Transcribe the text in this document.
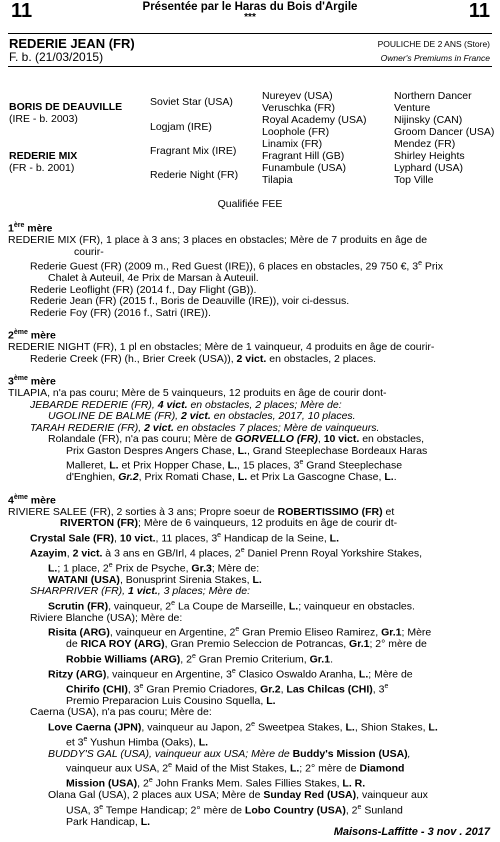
11	Présentée par le Haras du Bois d'Argile
***	11
REDERIE JEAN (FR)
F. b. (21/03/2015)
POULICHE DE 2 ANS (Store)
Owner's Premiums in France
BORIS DE DEAUVILLE
(IRE - b. 2003)
REDERIE MIX
(FR - b. 2001)
Soviet Star (USA)
Logjam (IRE)
Fragrant Mix (IRE)
Rederie Night (FR)
Nureyev (USA)
Veruschka (FR)
Royal Academy (USA)
Loophole (FR)
Linamix (FR)
Fragrant Hill (GB)
Funambule (USA)
Tilapia
Northern Dancer
Venture
Nijinsky (CAN)
Groom Dancer (USA)
Mendez (FR)
Shirley Heights
Lyphard (USA)
Top Ville
Qualifiée FEE

1ère mère

REDERIE MIX (FR), 1 place à 3 ans; 3 places en obstacles; Mère de 7 produits en âge de

courir-

Rederie Guest (FR) (2009 m., Red Guest (IRE)), 6 places en obstacles, 29 750 €, 3e Prix

Chalet à Auteuil, 4e Prix de Marsan à Auteuil.

Rederie Leoflight (FR) (2014 f., Day Flight (GB)).

Rederie Jean (FR) (2015 f., Boris de Deauville (IRE)), voir ci-dessus.

Rederie Foy (FR) (2016 f., Satri (IRE)).

2ème mère

REDERIE NIGHT (FR), 1 pl en obstacles; Mère de 1 vainqueur, 4 produits en âge de courir-

Rederie Creek (FR) (h., Brier Creek (USA)), 2 vict. en obstacles, 2 places.

3ème mère

TILAPIA, n'a pas couru; Mère de 5 vainqueurs, 12 produits en âge de courir dont-

JEBARDE REDERIE (FR), 4 vict. en obstacles, 2 places; Mère de:

UGOLINE DE BALME (FR), 2 vict. en obstacles, 2017, 10 places.

TARAH REDERIE (FR), 2 vict. en obstacles 7 places; Mère de vainqueurs.

Rolandale (FR), n'a pas couru; Mère de GORVELLO (FR), 10 vict. en obstacles,

Prix Gaston Despres Angers Chase, L., Grand Steeplechase Bordeaux Haras

Malleret, L. et Prix Hopper Chase, L., 15 places, 3e Grand Steeplechase

d'Enghien, Gr.2, Prix Romati Chase, L. et Prix La Gascogne Chase, L..

4ème mère

RIVIERE SALEE (FR), 2 sorties à 3 ans; Propre soeur de ROBERTISSIMO (FR) et

RIVERTON (FR); Mère de 6 vainqueurs, 12 produits en âge de courir dt-

Crystal Sale (FR), 10 vict., 11 places, 3e Handicap de la Seine, L.

Azayim, 2 vict. à 3 ans en GB/Irl, 4 places, 2e Daniel Prenn Royal Yorkshire Stakes,

L.; 1 place, 2e Prix de Psyche, Gr.3; Mère de:

WATANI (USA), Bonusprint Sirenia Stakes, L.

SHARPRIVER (FR), 1 vict., 3 places; Mère de:

Scrutin (FR), vainqueur, 2e La Coupe de Marseille, L.; vainqueur en obstacles.

Riviere Blanche (USA); Mère de:

Risita (ARG), vainqueur en Argentine, 2e Gran Premio Eliseo Ramirez, Gr.1; Mère

de RICA ROY (ARG), Gran Premio Seleccion de Potrancas, Gr.1; 2° mère de

Robbie Williams (ARG), 2e Gran Premio Criterium, Gr.1.

Ritzy (ARG), vainqueur en Argentine, 3e Clasico Oswaldo Aranha, L.; Mère de

Chirifo (CHI), 3e Gran Premio Criadores, Gr.2, Las Chilcas (CHI), 3e

Premio Preparacion Luis Cousino Squella, L.

Caerna (USA), n'a pas couru; Mère de:

Love Caerna (JPN), vainqueur au Japon, 2e Sweetpea Stakes, L., Shion Stakes, L.

et 3e Yushun Himba (Oaks), L.

BUDDY'S GAL (USA), vainqueur aux USA; Mère de Buddy's Mission (USA),

vainqueur aux USA, 2e Maid of the Mist Stakes, L.; 2° mère de Diamond

Mission (USA), 2e John Franks Mem. Sales Fillies Stakes, L. R.

Olana Gal (USA), 2 places aux USA; Mère de Sunday Red (USA), vainqueur aux

USA, 3e Tempe Handicap; 2° mère de Lobo Country (USA), 2e Sunland

Park Handicap, L.

Maisons-Laffitte - 3 nov . 2017
